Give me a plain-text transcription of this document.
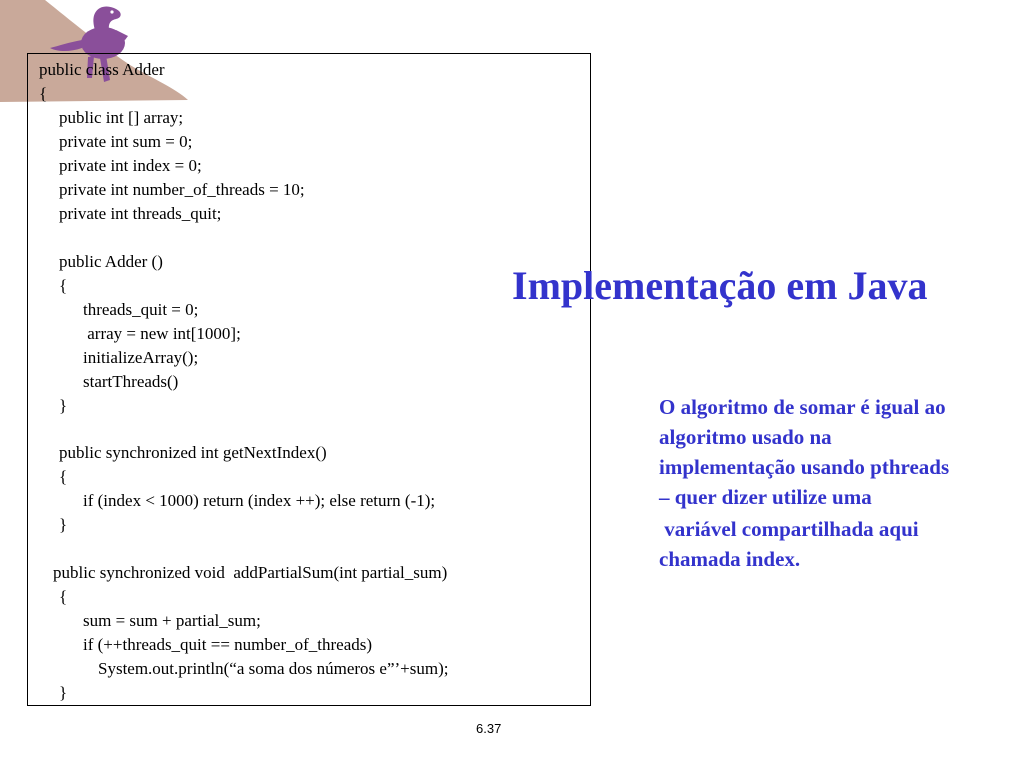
public class Adder
{
public int [] array;
private int sum = 0;
private int index = 0;
private int number_of_threads = 10;
private int threads_quit;
public Adder ()
{
threads_quit = 0;
array = new int[1000];
initializeArray();
startThreads()
}
public synchronized int getNextIndex()
{
if (index < 1000) return (index ++); else return (-1);
}
public synchronized void  addPartialSum(int partial_sum)
{
sum = sum + partial_sum;
if (++threads_quit == number_of_threads)
System.out.println(“a soma dos números e”’+sum);
}
Implementação em Java
O algoritmo de somar é igual ao
algoritmo usado na
implementação usando pthreads
– quer dizer utilize uma
variável compartilhada aqui
chamada index.
6.37
